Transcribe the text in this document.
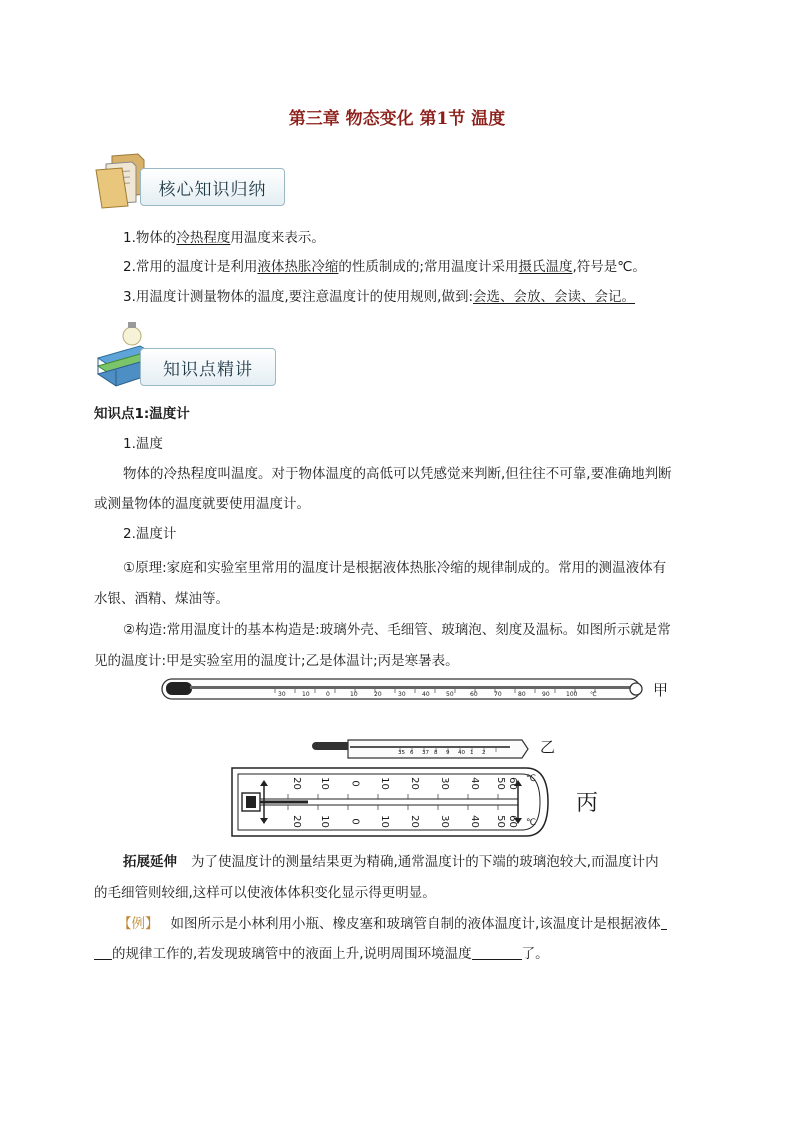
第三章 物态变化 第1节 温度
核心知识归纳
1.物体的冷热程度用温度来表示。
2.常用的温度计是利用液体热胀冷缩的性质制成的;常用温度计采用摄氏温度,符号是℃。
3.用温度计测量物体的温度,要注意温度计的使用规则,做到:会选、会放、会读、会记。
知识点精讲
知识点1:温度计
1.温度
物体的冷热程度叫温度。对于物体温度的高低可以凭感觉来判断,但往往不可靠,要准确地判断
或测量物体的温度就要使用温度计。
2.温度计
①原理:家庭和实验室里常用的温度计是根据液体热胀冷缩的规律制成的。常用的测温液体有
水银、酒精、煤油等。
②构造:常用温度计的基本构造是:玻璃外壳、毛细管、玻璃泡、刻度及温标。如图所示就是常
见的温度计:甲是实验室用的温度计;乙是体温计;丙是寒暑表。
30	10	0	10	20	30	40	50	60	70	80	90	100 ℃	甲
35 6 37 8 9 40 1 2	乙
20 10 0 10 20 30 40 50 60 ℃
20 10 0 10 20 30 40 50 60 ℃
丙
拓展延伸 为了使温度计的测量结果更为精确,通常温度计的下端的玻璃泡较大,而温度计内
的毛细管则较细,这样可以使液体体积变化显示得更明显。
【例】 如图所示是小林利用小瓶、橡皮塞和玻璃管自制的液体温度计,该温度计是根据液体
的规律工作的,若发现玻璃管中的液面上升,说明周围环境温度	了。
